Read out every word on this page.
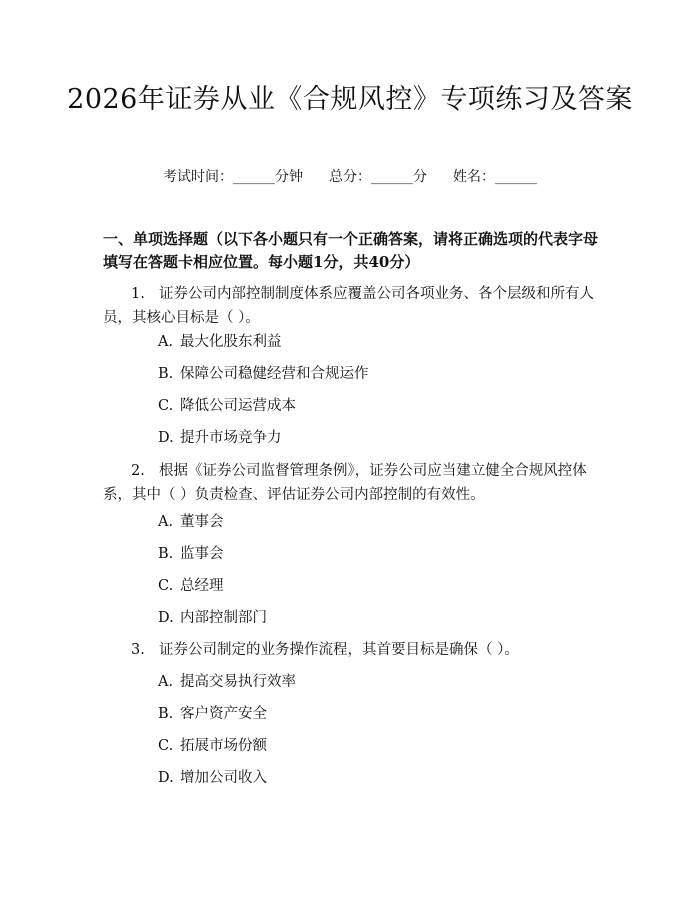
2026年证券从业《合规风控》专项练习及答案
考试时间：______分钟 总分：______分 姓名：______
一、单项选择题（以下各小题只有一个正确答案，请将正确选项的代表字母填写在答题卡相应位置。每小题1分，共40分）
1. 证券公司内部控制制度体系应覆盖公司各项业务、各个层级和所有人员，其核心目标是（ ）。
A. 最大化股东利益
B. 保障公司稳健经营和合规运作
C. 降低公司运营成本
D. 提升市场竞争力
2. 根据《证券公司监督管理条例》，证券公司应当建立健全合规风控体系，其中（ ）负责检查、评估证券公司内部控制的有效性。
A. 董事会
B. 监事会
C. 总经理
D. 内部控制部门
3. 证券公司制定的业务操作流程，其首要目标是确保（ ）。
A. 提高交易执行效率
B. 客户资产安全
C. 拓展市场份额
D. 增加公司收入
